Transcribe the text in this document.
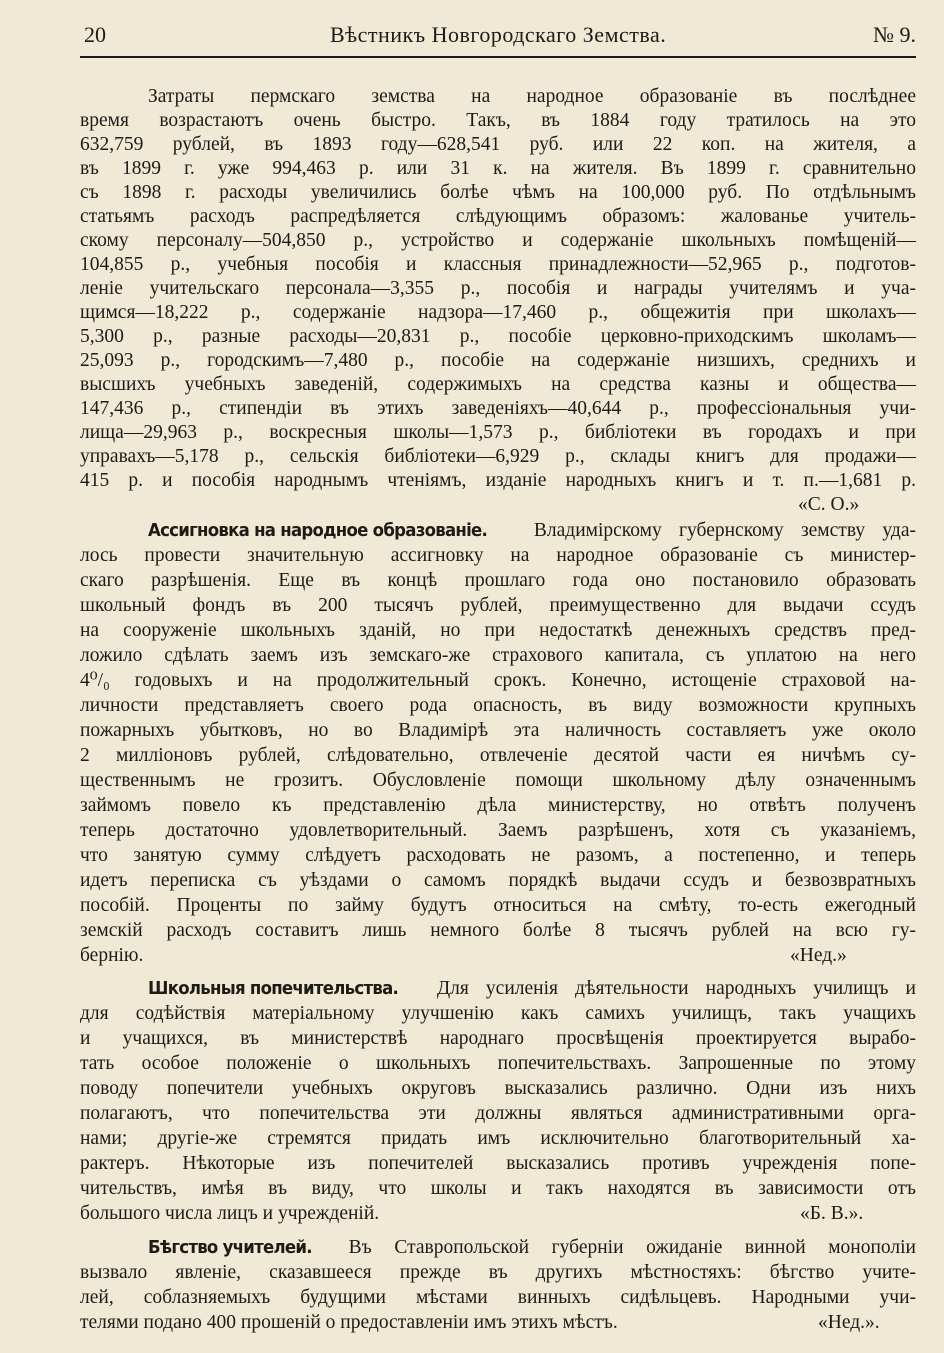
20	Вѣстникъ Новгородскаго Земства.	№ 9.
Затраты пермскаго земства на народное образованіе въ послѣднее
время возрастаютъ очень быстро. Такъ, въ 1884 году тратилось на это
632,759 рублей, въ 1893 году—628,541 руб. или 22 коп. на жителя, а
въ 1899 г. уже 994,463 р. или 31 к. на жителя. Въ 1899 г. сравнительно
съ 1898 г. расходы увеличились болѣе чѣмъ на 100,000 руб. По отдѣльнымъ
статьямъ расходъ распредѣляется слѣдующимъ образомъ: жалованье учитель-
скому персоналу—504,850 р., устройство и содержаніе школьныхъ помѣщеній—
104,855 р., учебныя пособія и классныя принадлежности—52,965 р., подготов-
леніе учительскаго персонала—3,355 р., пособія и награды учителямъ и уча-
щимся—18,222 р., содержаніе надзора—17,460 р., общежитія при школахъ—
5,300 р., разные расходы—20,831 р., пособіе церковно-приходскимъ школамъ—
25,093 р., городскимъ—7,480 р., пособіе на содержаніе низшихъ, среднихъ и
высшихъ учебныхъ заведеній, содержимыхъ на средства казны и общества—
147,436 р., стипендіи въ этихъ заведеніяхъ—40,644 р., профессіональныя учи-
лища—29,963 р., воскресныя школы—1,573 р., библіотеки въ городахъ и при
управахъ—5,178 р., сельскія библіотеки—6,929 р., склады книгъ для продажи—
415 р. и пособія народнымъ чтеніямъ, изданіе народныхъ книгъ и т. п.—1,681 р.
«С. О.»
Ассигновка на народное образованіе. Владимірскому губернскому земству уда-
лось провести значительную ассигновку на народное образованіе съ министер-
скаго разрѣшенія. Еще въ концѣ прошлаго года оно постановило образовать
школьный фондъ въ 200 тысячъ рублей, преимущественно для выдачи ссудъ
на сооруженіе школьныхъ зданій, но при недостаткѣ денежныхъ средствъ пред-
ложило сдѣлать заемъ изъ земскаго-же страхового капитала, съ уплатою на него
4⁰/₀ годовыхъ и на продолжительный срокъ. Конечно, истощеніе страховой на-
личности представляетъ своего рода опасность, въ виду возможности крупныхъ
пожарныхъ убытковъ, но во Владимірѣ эта наличность составляетъ уже около
2 милліоновъ рублей, слѣдовательно, отвлеченіе десятой части ея ничѣмъ су-
щественнымъ не грозитъ. Обусловленіе помощи школьному дѣлу означеннымъ
займомъ повело къ представленію дѣла министерству, но отвѣтъ полученъ
теперь достаточно удовлетворительный. Заемъ разрѣшенъ, хотя съ указаніемъ,
что занятую сумму слѣдуетъ расходовать не разомъ, а постепенно, и теперь
идетъ переписка съ уѣздами о самомъ порядкѣ выдачи ссудъ и безвозвратныхъ
пособій. Проценты по займу будутъ относиться на смѣту, то-есть ежегодный
земскій расходъ составитъ лишь немного болѣе 8 тысячъ рублей на всю гу-
бернію.	«Нед.»
Школьныя попечительства. Для усиленія дѣятельности народныхъ училищъ и
для содѣйствія матеріальному улучшенію какъ самихъ училищъ, такъ учащихъ
и учащихся, въ министерствѣ народнаго просвѣщенія проектируется вырабо-
тать особое положеніе о школьныхъ попечительствахъ. Запрошенные по этому
поводу попечители учебныхъ округовъ высказались различно. Одни изъ нихъ
полагаютъ, что попечительства эти должны являться административными орга-
нами; другіе-же стремятся придать имъ исключительно благотворительный ха-
рактеръ. Нѣкоторые изъ попечителей высказались противъ учрежденія попе-
чительствъ, имѣя въ виду, что школы и такъ находятся въ зависимости отъ
большого числа лицъ и учрежденій.	«Б. В.».
Бѣгство учителей. Въ Ставропольской губерніи ожиданіе винной монополіи
вызвало явленіе, сказавшееся прежде въ другихъ мѣстностяхъ: бѣгство учите-
лей, соблазняемыхъ будущими мѣстами винныхъ сидѣльцевъ. Народными учи-
телями подано 400 прошеній о предоставленіи имъ этихъ мѣстъ.	«Нед.».
